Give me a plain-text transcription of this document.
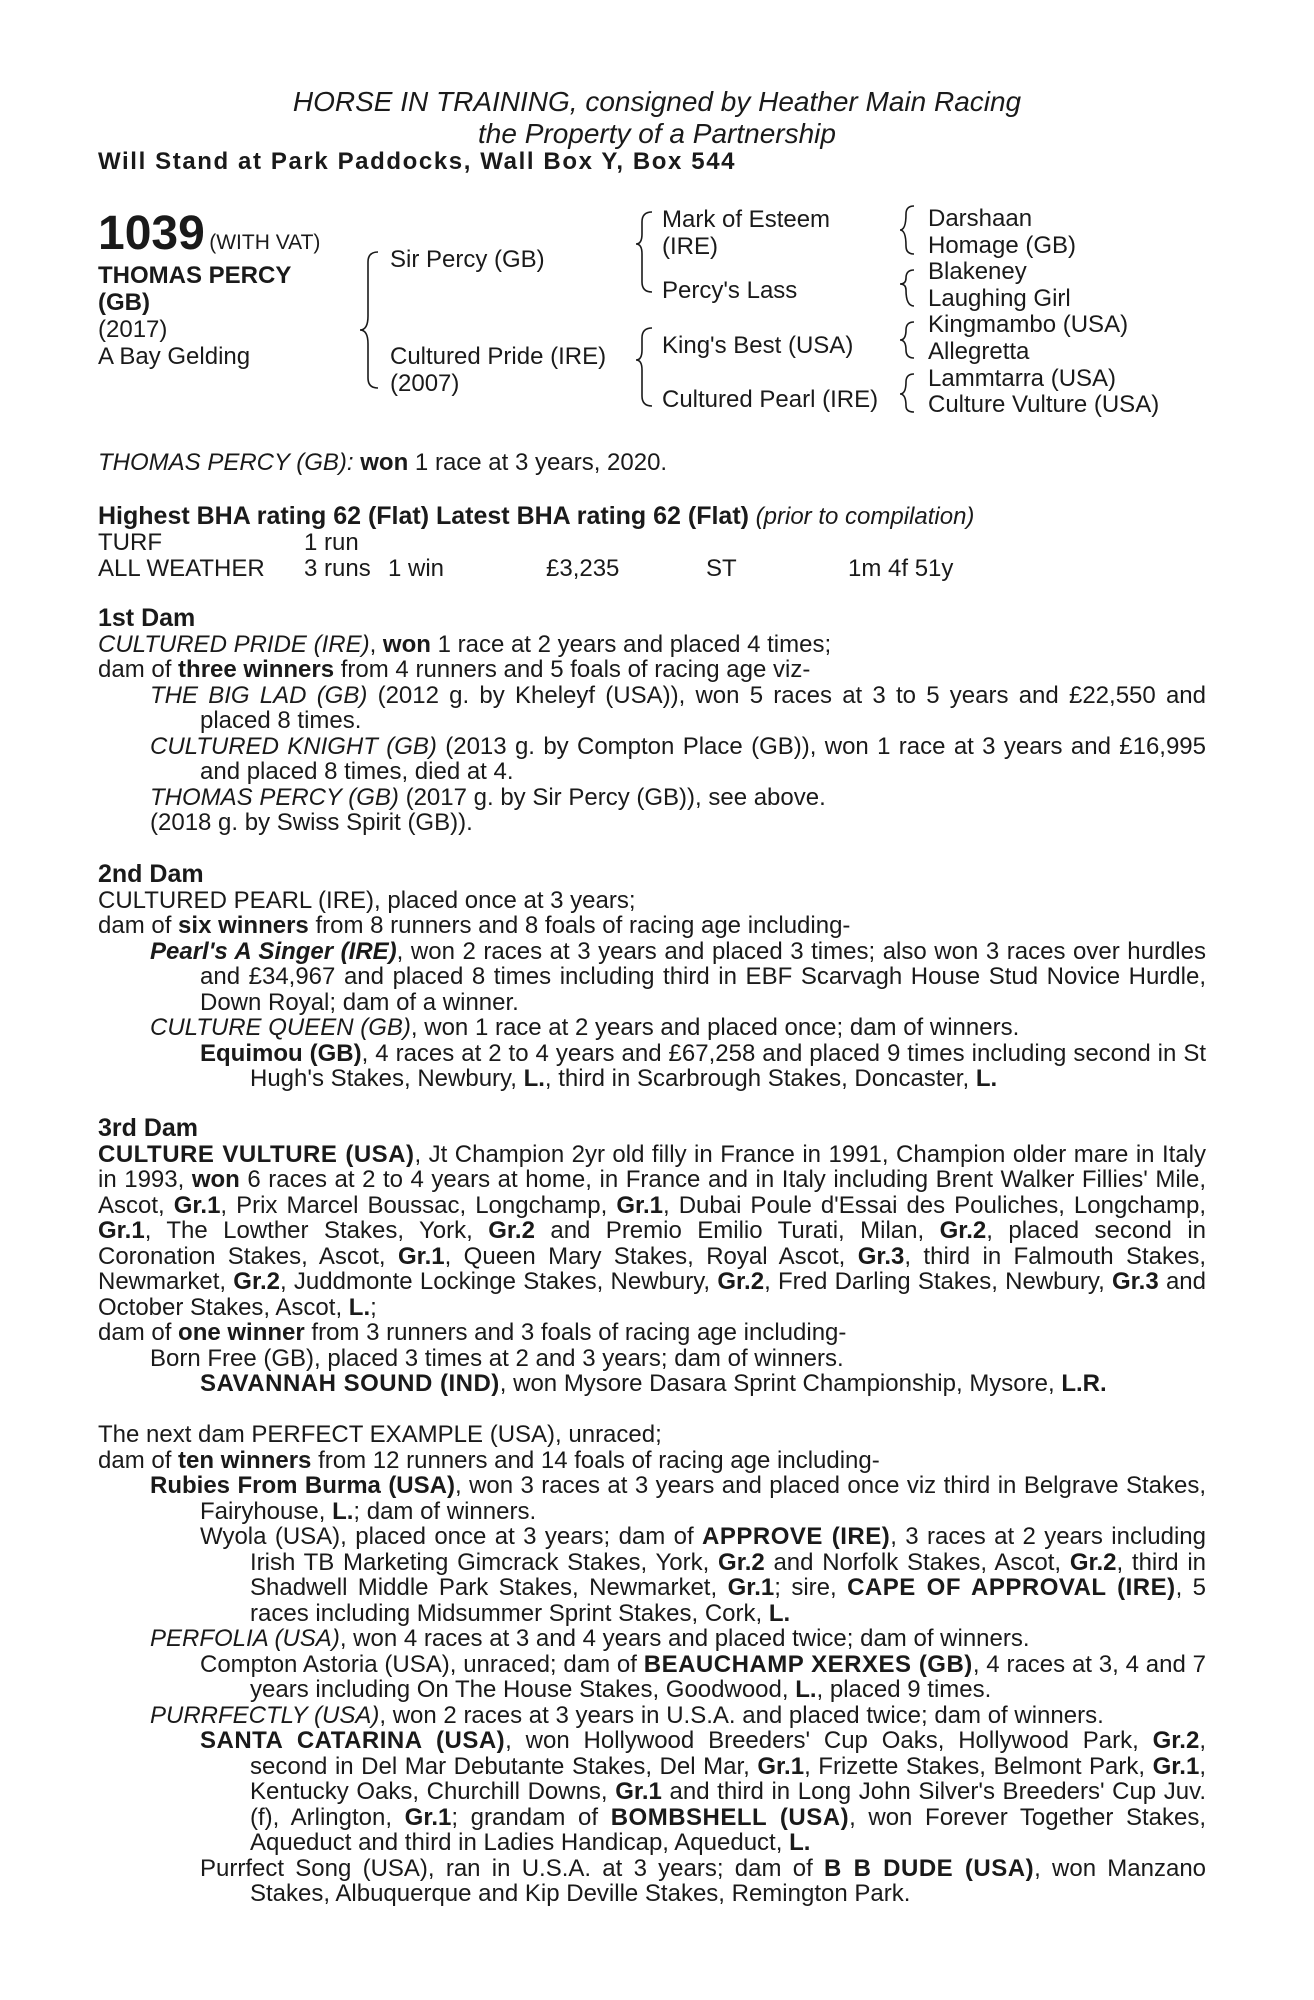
HORSE IN TRAINING, consigned by Heather Main Racing
the Property of a Partnership
Will Stand at Park Paddocks, Wall Box Y, Box 544
1039 (WITH VAT)
THOMAS PERCY
(GB)
(2017)
A Bay Gelding
Sir Percy (GB)
Cultured Pride (IRE)
(2007)
Mark of Esteem
(IRE)
Percy's Lass
King's Best (USA)
Cultured Pearl (IRE)
Darshaan
Homage (GB)
Blakeney
Laughing Girl
Kingmambo (USA)
Allegretta
Lammtarra (USA)
Culture Vulture (USA)
THOMAS PERCY (GB): won 1 race at 3 years, 2020.
Highest BHA rating 62 (Flat) Latest BHA rating 62 (Flat) (prior to compilation)
TURF	1 run
ALL WEATHER 3 runs 1 win	£3,235	ST	1m 4f 51y
1st Dam
CULTURED PRIDE (IRE), won 1 race at 2 years and placed 4 times;
dam of three winners from 4 runners and 5 foals of racing age viz-
THE BIG LAD (GB) (2012 g. by Kheleyf (USA)), won 5 races at 3 to 5 years and £22,550 and placed 8 times.
CULTURED KNIGHT (GB) (2013 g. by Compton Place (GB)), won 1 race at 3 years and £16,995 and placed 8 times, died at 4.
THOMAS PERCY (GB) (2017 g. by Sir Percy (GB)), see above.
(2018 g. by Swiss Spirit (GB)).
2nd Dam
CULTURED PEARL (IRE), placed once at 3 years;
dam of six winners from 8 runners and 8 foals of racing age including-
Pearl's A Singer (IRE), won 2 races at 3 years and placed 3 times; also won 3 races over hurdles and £34,967 and placed 8 times including third in EBF Scarvagh House Stud Novice Hurdle, Down Royal; dam of a winner.
CULTURE QUEEN (GB), won 1 race at 2 years and placed once; dam of winners.
Equimou (GB), 4 races at 2 to 4 years and £67,258 and placed 9 times including second in St Hugh's Stakes, Newbury, L., third in Scarbrough Stakes, Doncaster, L.
3rd Dam
CULTURE VULTURE (USA), Jt Champion 2yr old filly in France in 1991, Champion older mare in Italy in 1993, won 6 races at 2 to 4 years at home, in France and in Italy including Brent Walker Fillies' Mile, Ascot, Gr.1, Prix Marcel Boussac, Longchamp, Gr.1, Dubai Poule d'Essai des Pouliches, Longchamp, Gr.1, The Lowther Stakes, York, Gr.2 and Premio Emilio Turati, Milan, Gr.2, placed second in Coronation Stakes, Ascot, Gr.1, Queen Mary Stakes, Royal Ascot, Gr.3, third in Falmouth Stakes, Newmarket, Gr.2, Juddmonte Lockinge Stakes, Newbury, Gr.2, Fred Darling Stakes, Newbury, Gr.3 and October Stakes, Ascot, L.;
dam of one winner from 3 runners and 3 foals of racing age including-
Born Free (GB), placed 3 times at 2 and 3 years; dam of winners.
SAVANNAH SOUND (IND), won Mysore Dasara Sprint Championship, Mysore, L.R.
The next dam PERFECT EXAMPLE (USA), unraced;
dam of ten winners from 12 runners and 14 foals of racing age including-
Rubies From Burma (USA), won 3 races at 3 years and placed once viz third in Belgrave Stakes, Fairyhouse, L.; dam of winners.
Wyola (USA), placed once at 3 years; dam of APPROVE (IRE), 3 races at 2 years including Irish TB Marketing Gimcrack Stakes, York, Gr.2 and Norfolk Stakes, Ascot, Gr.2, third in Shadwell Middle Park Stakes, Newmarket, Gr.1; sire, CAPE OF APPROVAL (IRE), 5 races including Midsummer Sprint Stakes, Cork, L.
PERFOLIA (USA), won 4 races at 3 and 4 years and placed twice; dam of winners.
Compton Astoria (USA), unraced; dam of BEAUCHAMP XERXES (GB), 4 races at 3, 4 and 7 years including On The House Stakes, Goodwood, L., placed 9 times.
PURRFECTLY (USA), won 2 races at 3 years in U.S.A. and placed twice; dam of winners.
SANTA CATARINA (USA), won Hollywood Breeders' Cup Oaks, Hollywood Park, Gr.2, second in Del Mar Debutante Stakes, Del Mar, Gr.1, Frizette Stakes, Belmont Park, Gr.1, Kentucky Oaks, Churchill Downs, Gr.1 and third in Long John Silver's Breeders' Cup Juv.(f), Arlington, Gr.1; grandam of BOMBSHELL (USA), won Forever Together Stakes, Aqueduct and third in Ladies Handicap, Aqueduct, L.
Purrfect Song (USA), ran in U.S.A. at 3 years; dam of B B DUDE (USA), won Manzano Stakes, Albuquerque and Kip Deville Stakes, Remington Park.
